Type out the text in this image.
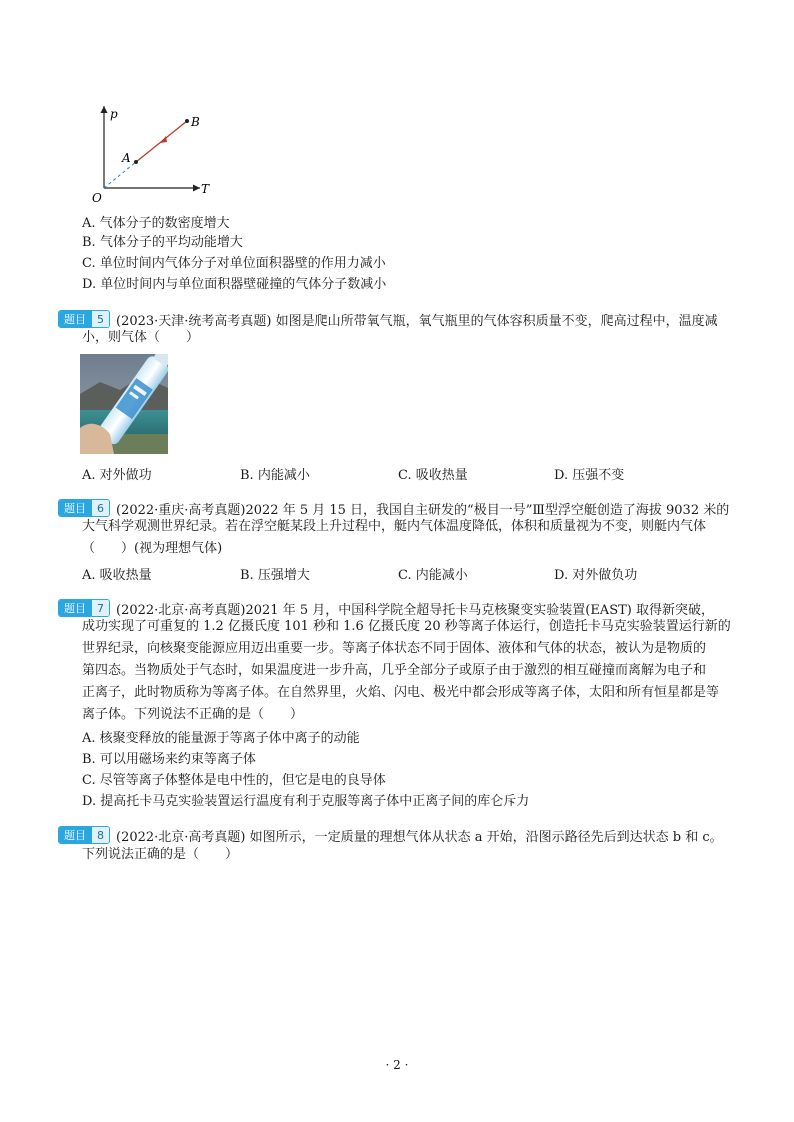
p
T
O
A
B
A. 气体分子的数密度增大
B. 气体分子的平均动能增大
C. 单位时间内气体分子对单位面积器壁的作用力减小
D. 单位时间内与单位面积器壁碰撞的气体分子数减小
题目	5 (2023·天津·统考高考真题) 如图是爬山所带氧气瓶，氧气瓶里的气体容积质量不变，爬高过程中，温度减
小，则气体（　　）
A. 对外做功	B. 内能减小	C. 吸收热量	D. 压强不变
题目	6 (2022·重庆·高考真题)2022 年 5 月 15 日，我国自主研发的“极目一号”Ⅲ型浮空艇创造了海拔 9032 米的
大气科学观测世界纪录。若在浮空艇某段上升过程中，艇内气体温度降低，体积和质量视为不变，则艇内气体
（　　）(视为理想气体)
A. 吸收热量	B. 压强增大	C. 内能减小	D. 对外做负功
题目	7 (2022·北京·高考真题)2021 年 5 月，中国科学院全超导托卡马克核聚变实验装置(EAST) 取得新突破，
成功实现了可重复的 1.2 亿摄氏度 101 秒和 1.6 亿摄氏度 20 秒等离子体运行，创造托卡马克实验装置运行新的
世界纪录，向核聚变能源应用迈出重要一步。等离子体状态不同于固体、液体和气体的状态，被认为是物质的
第四态。当物质处于气态时，如果温度进一步升高，几乎全部分子或原子由于激烈的相互碰撞而离解为电子和
正离子，此时物质称为等离子体。在自然界里，火焰、闪电、极光中都会形成等离子体，太阳和所有恒星都是等
离子体。下列说法不正确的是（　　）
A. 核聚变释放的能量源于等离子体中离子的动能
B. 可以用磁场来约束等离子体
C. 尽管等离子体整体是电中性的，但它是电的良导体
D. 提高托卡马克实验装置运行温度有利于克服等离子体中正离子间的库仑斥力
题目	8 (2022·北京·高考真题) 如图所示，一定质量的理想气体从状态 a 开始，沿图示路径先后到达状态 b 和 c。
下列说法正确的是（　　）
· 2 ·
